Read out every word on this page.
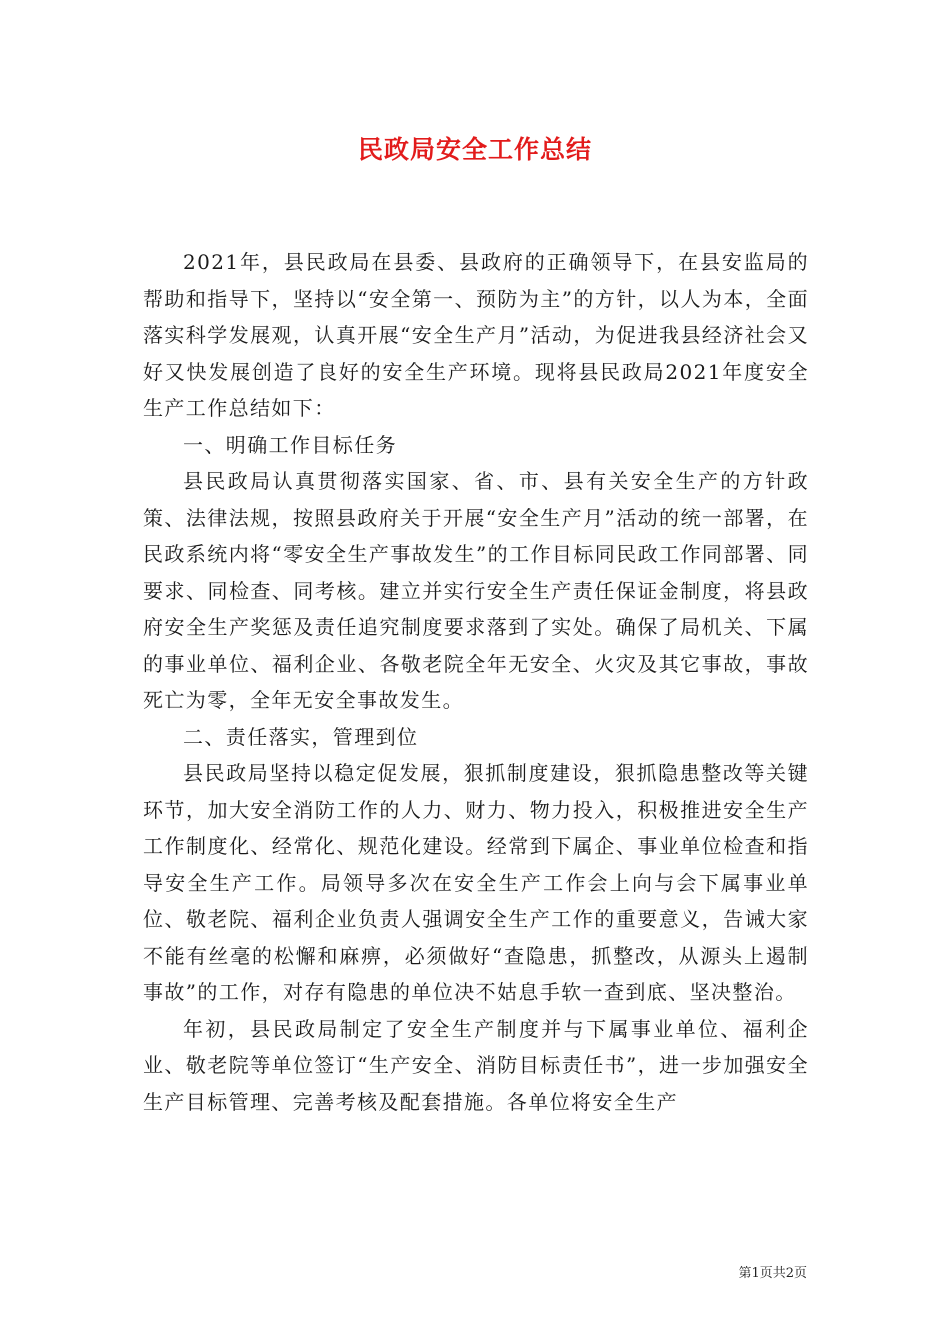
民政局安全工作总结

2021年，县民政局在县委、县政府的正确领导下，在县安监局的帮助和指导下，坚持以“安全第一、预防为主”的方针，以人为本，全面落实科学发展观，认真开展“安全生产月”活动，为促进我县经济社会又好又快发展创造了良好的安全生产环境。现将县民政局2021年度安全生产工作总结如下：

一、明确工作目标任务

县民政局认真贯彻落实国家、省、市、县有关安全生产的方针政策、法律法规，按照县政府关于开展“安全生产月”活动的统一部署，在民政系统内将“零安全生产事故发生”的工作目标同民政工作同部署、同要求、同检查、同考核。建立并实行安全生产责任保证金制度，将县政府安全生产奖惩及责任追究制度要求落到了实处。确保了局机关、下属的事业单位、福利企业、各敬老院全年无安全、火灾及其它事故，事故死亡为零，全年无安全事故发生。

二、责任落实，管理到位

县民政局坚持以稳定促发展，狠抓制度建设，狠抓隐患整改等关键环节，加大安全消防工作的人力、财力、物力投入，积极推进安全生产工作制度化、经常化、规范化建设。经常到下属企、事业单位检查和指导安全生产工作。局领导多次在安全生产工作会上向与会下属事业单位、敬老院、福利企业负责人强调安全生产工作的重要意义，告诫大家不能有丝毫的松懈和麻痹，必须做好“查隐患，抓整改，从源头上遏制事故”的工作，对存有隐患的单位决不姑息手软一查到底、坚决整治。

年初，县民政局制定了安全生产制度并与下属事业单位、福利企业、敬老院等单位签订“生产安全、消防目标责任书”，进一步加强安全生产目标管理、完善考核及配套措施。各单位将安全生产

第1页共2页
